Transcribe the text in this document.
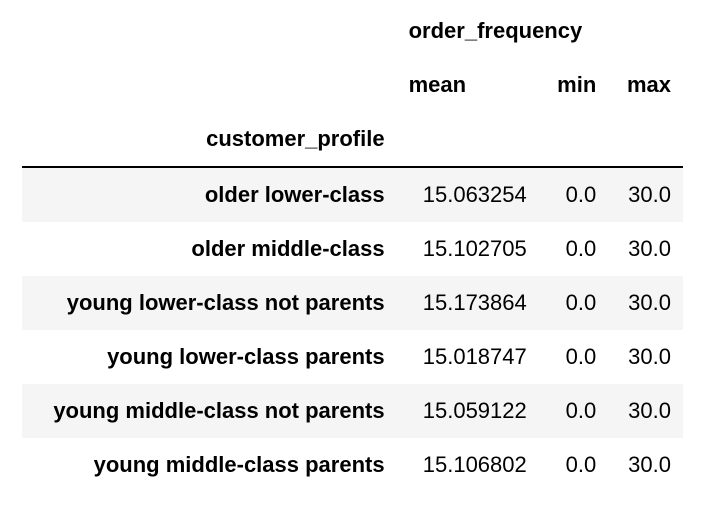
	order_frequency		
	mean	min	max
customer_profile			
older lower-class	15.063254	0.0	30.0
older middle-class	15.102705	0.0	30.0
young lower-class not parents	15.173864	0.0	30.0
young lower-class parents	15.018747	0.0	30.0
young middle-class not parents	15.059122	0.0	30.0
young middle-class parents	15.106802	0.0	30.0
